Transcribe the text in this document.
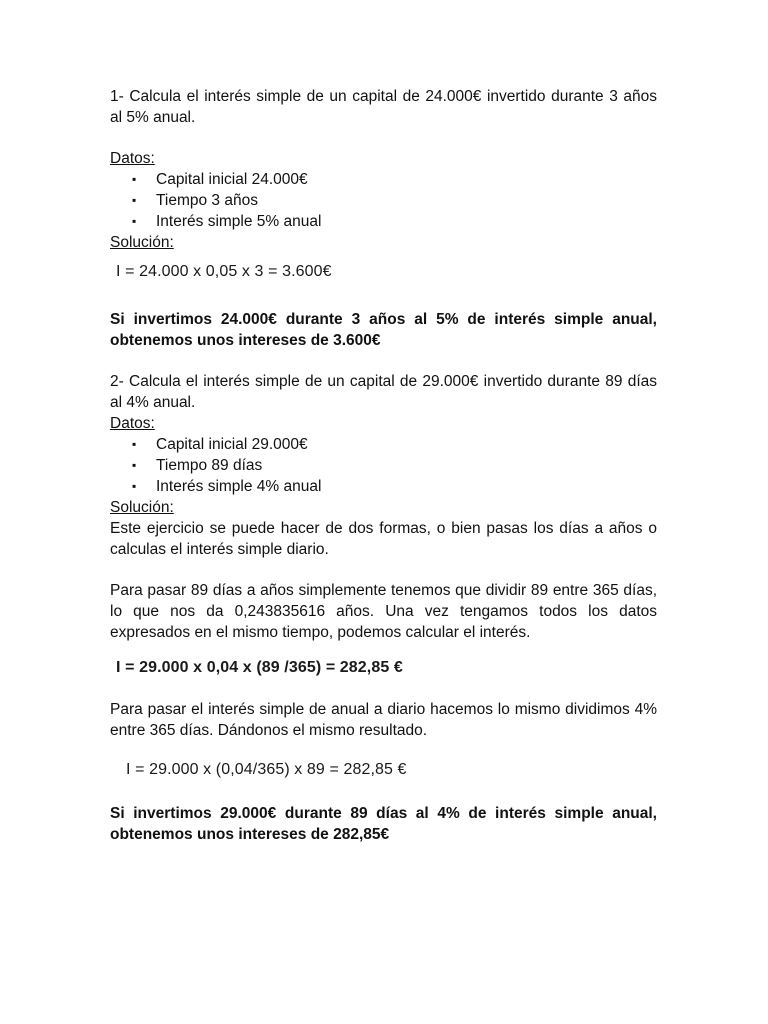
1- Calcula el interés simple de un capital de 24.000€ invertido durante 3 años al 5% anual.

Datos:

▪ Capital inicial 24.000€
▪ Tiempo 3 años
▪ Interés simple 5% anual

Solución:

I = 24.000 x 0,05 x 3 = 3.600€

Si invertimos 24.000€ durante 3 años al 5% de interés simple anual, obtenemos unos intereses de 3.600€

2- Calcula el interés simple de un capital de 29.000€ invertido durante 89 días al 4% anual.

Datos:

▪ Capital inicial 29.000€
▪ Tiempo 89 días
▪ Interés simple 4% anual

Solución:

Este ejercicio se puede hacer de dos formas, o bien pasas los días a años o calculas el interés simple diario.

Para pasar 89 días a años simplemente tenemos que dividir 89 entre 365 días, lo que nos da 0,243835616 años. Una vez tengamos todos los datos expresados en el mismo tiempo, podemos calcular el interés.

I = 29.000 x 0,04 x (89 /365) = 282,85 €

Para pasar el interés simple de anual a diario hacemos lo mismo dividimos 4% entre 365 días. Dándonos el mismo resultado.

I = 29.000 x (0,04/365) x 89 = 282,85 €

Si invertimos 29.000€ durante 89 días al 4% de interés simple anual, obtenemos unos intereses de 282,85€
